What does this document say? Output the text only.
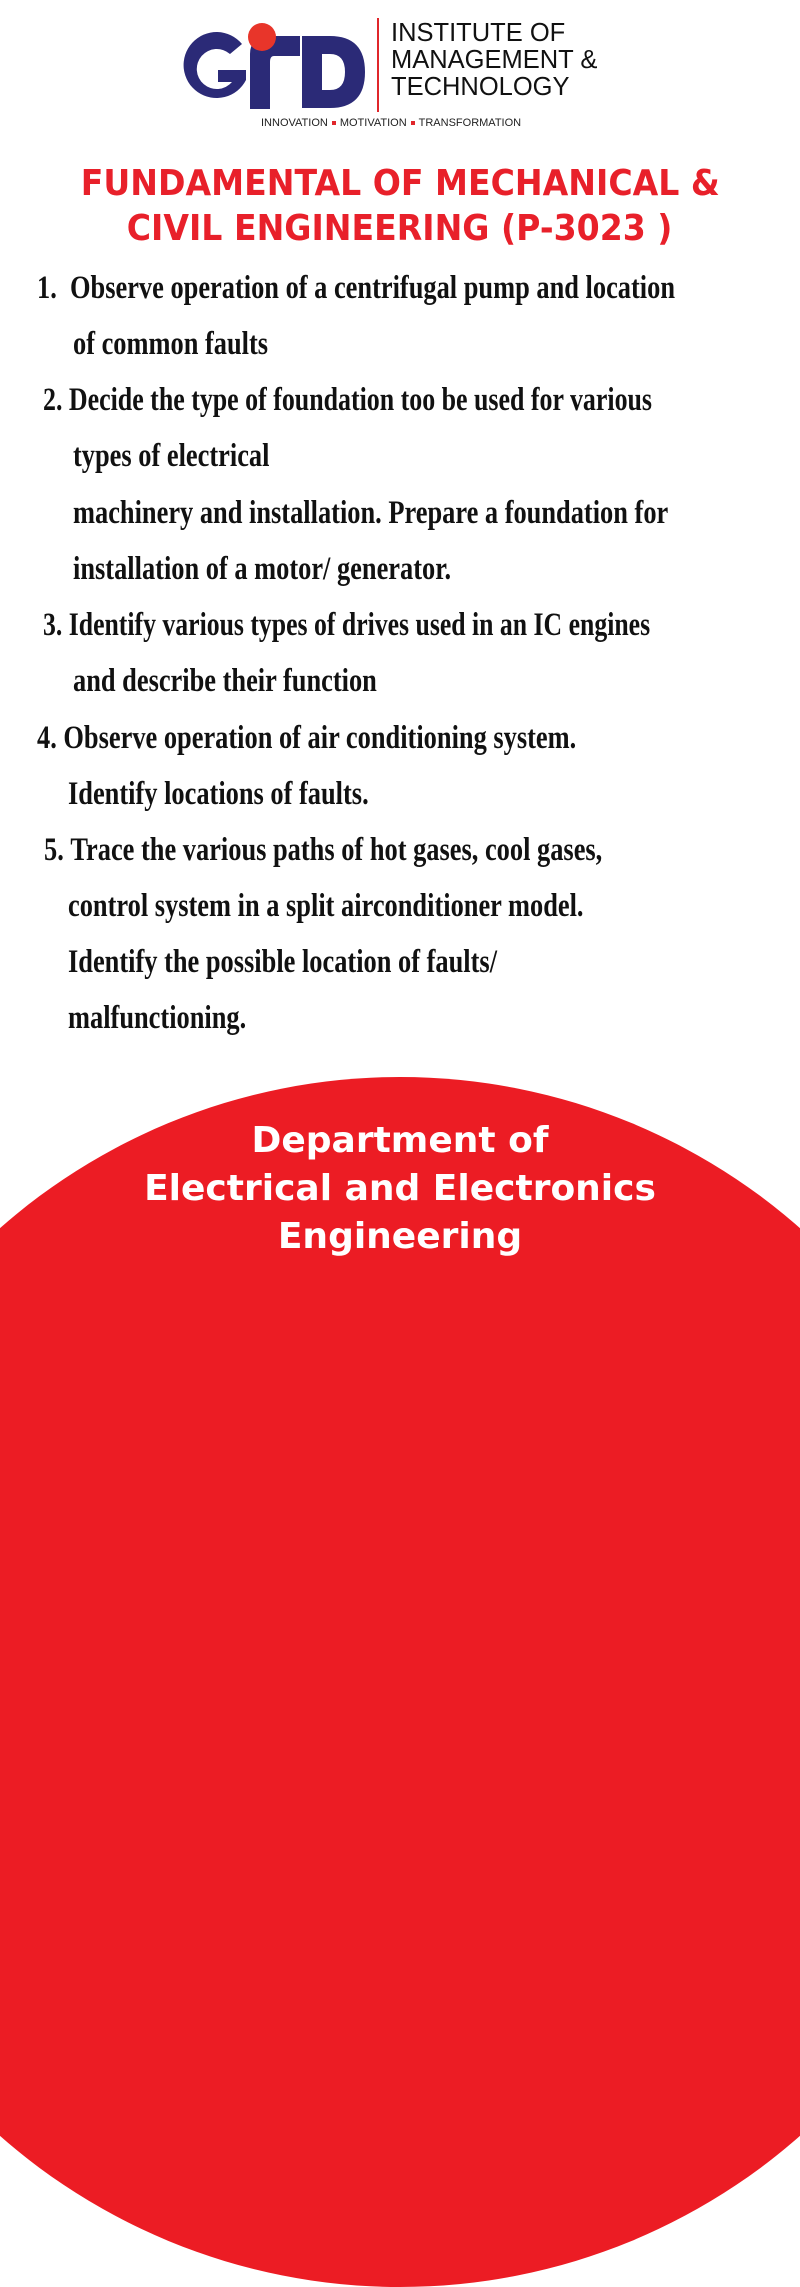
INSTITUTE OF
MANAGEMENT &
TECHNOLOGY
INNOVATION MOTIVATION TRANSFORMATION
FUNDAMENTAL OF MECHANICAL &
CIVIL ENGINEERING (P-3023 )
1. Observe operation of a centrifugal pump and location
of common faults
2. Decide the type of foundation too be used for various
types of electrical
machinery and installation. Prepare a foundation for
installation of a motor/ generator.
3. Identify various types of drives used in an IC engines
and describe their function
4. Observe operation of air conditioning system.
Identify locations of faults.
5. Trace the various paths of hot gases, cool gases,
control system in a split airconditioner model.
Identify the possible location of faults/
malfunctioning.
Department of
Electrical and Electronics
Engineering
